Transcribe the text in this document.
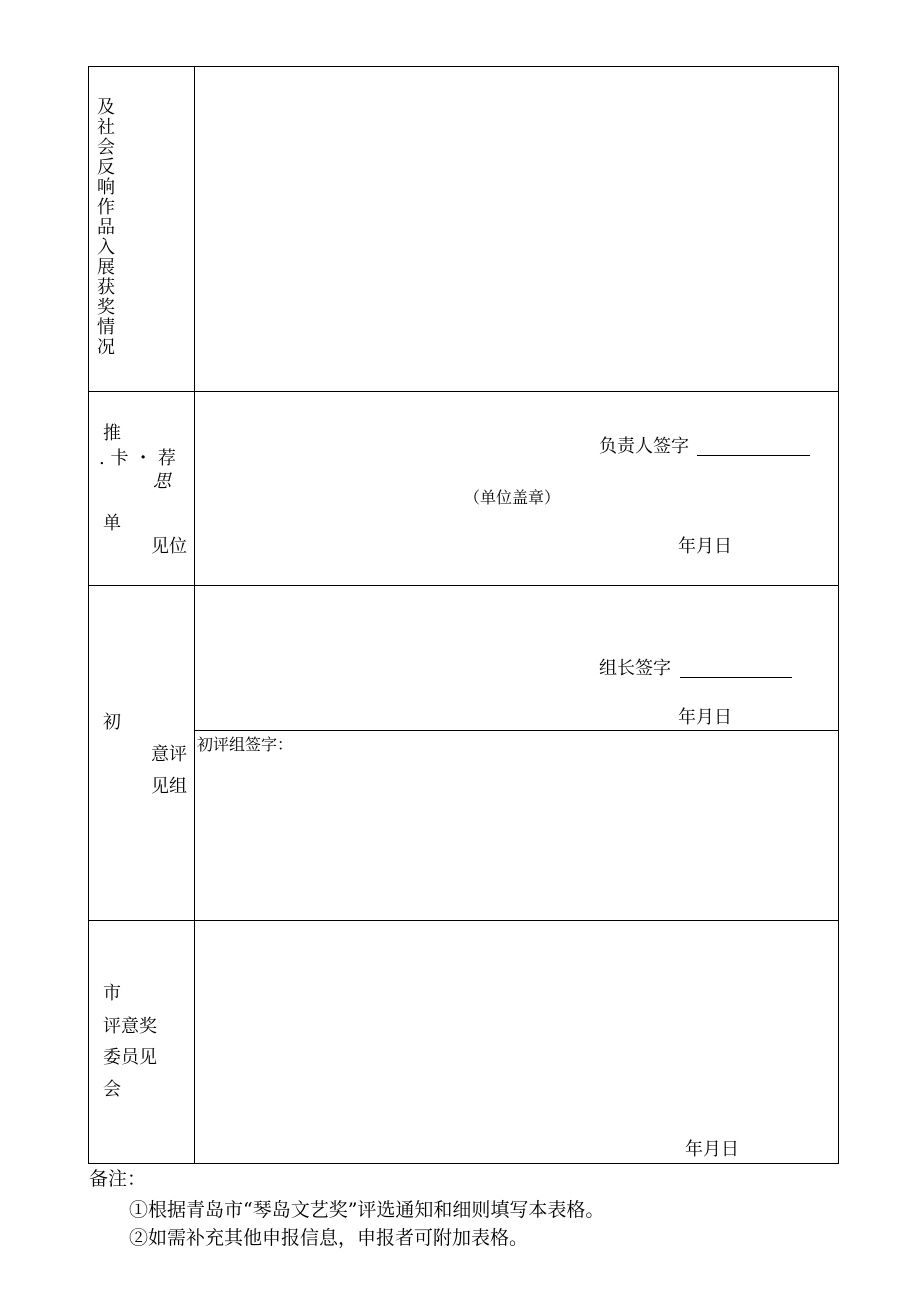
及社会反响作品入展获奖情况
推
. 卡 ・ 荐
思
单
见位
负责人签字
（单位盖章）
年月日
初
意评
见组
组长签字
年月日
初评组签字：
市
评意奖
委员见
会
年月日
备注：
①根据青岛市“琴岛文艺奖”评选通知和细则填写本表格。
②如需补充其他申报信息，申报者可附加表格。
